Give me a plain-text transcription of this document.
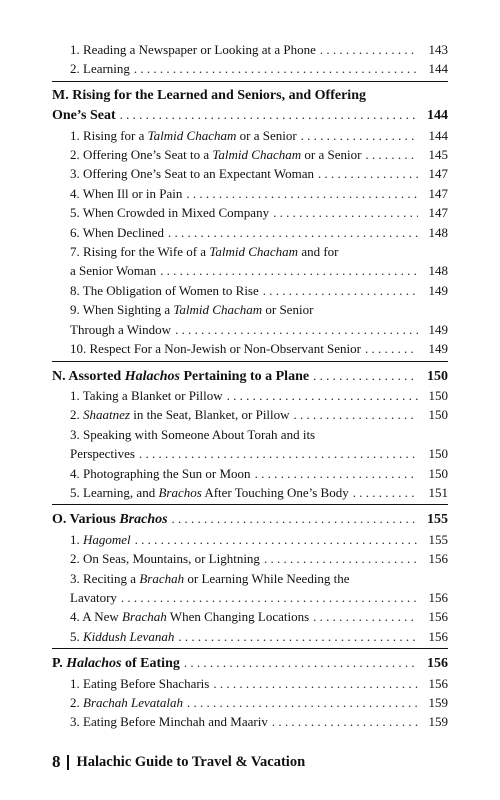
1. Reading a Newspaper or Looking at a Phone . . .	143
2. Learning . . .	144
M. Rising for the Learned and Seniors, and Offering
One’s Seat . . .	144
1. Rising for a Talmid Chacham or a Senior . . .	144
2. Offering One’s Seat to a Talmid Chacham or a Senior . . .	145
3. Offering One’s Seat to an Expectant Woman . . .	147
4. When Ill or in Pain . . .	147
5. When Crowded in Mixed Company . . .	147
6. When Declined . . .	148
7. Rising for the Wife of a Talmid Chacham and for
a Senior Woman . . .	148
8. The Obligation of Women to Rise . . .	149
9. When Sighting a Talmid Chacham or Senior
Through a Window . . .	149
10. Respect For a Non-Jewish or Non-Observant Senior . . .	149
N. Assorted Halachos Pertaining to a Plane . . .	150
1. Taking a Blanket or Pillow . . .	150
2. Shaatnez in the Seat, Blanket, or Pillow . . .	150
3. Speaking with Someone About Torah and its
Perspectives . . .	150
4. Photographing the Sun or Moon . . .	150
5. Learning, and Brachos After Touching One’s Body . . .	151
O. Various Brachos . . .	155
1. Hagomel . . .	155
2. On Seas, Mountains, or Lightning . . .	156
3. Reciting a Brachah or Learning While Needing the
Lavatory . . .	156
4. A New Brachah When Changing Locations . . .	156
5. Kiddush Levanah . . .	156
P. Halachos of Eating . . .	156
1. Eating Before Shacharis . . .	156
2. Brachah Levatalah . . .	159
3. Eating Before Minchah and Maariv . . .	159
8 Halachic Guide to Travel & Vacation
